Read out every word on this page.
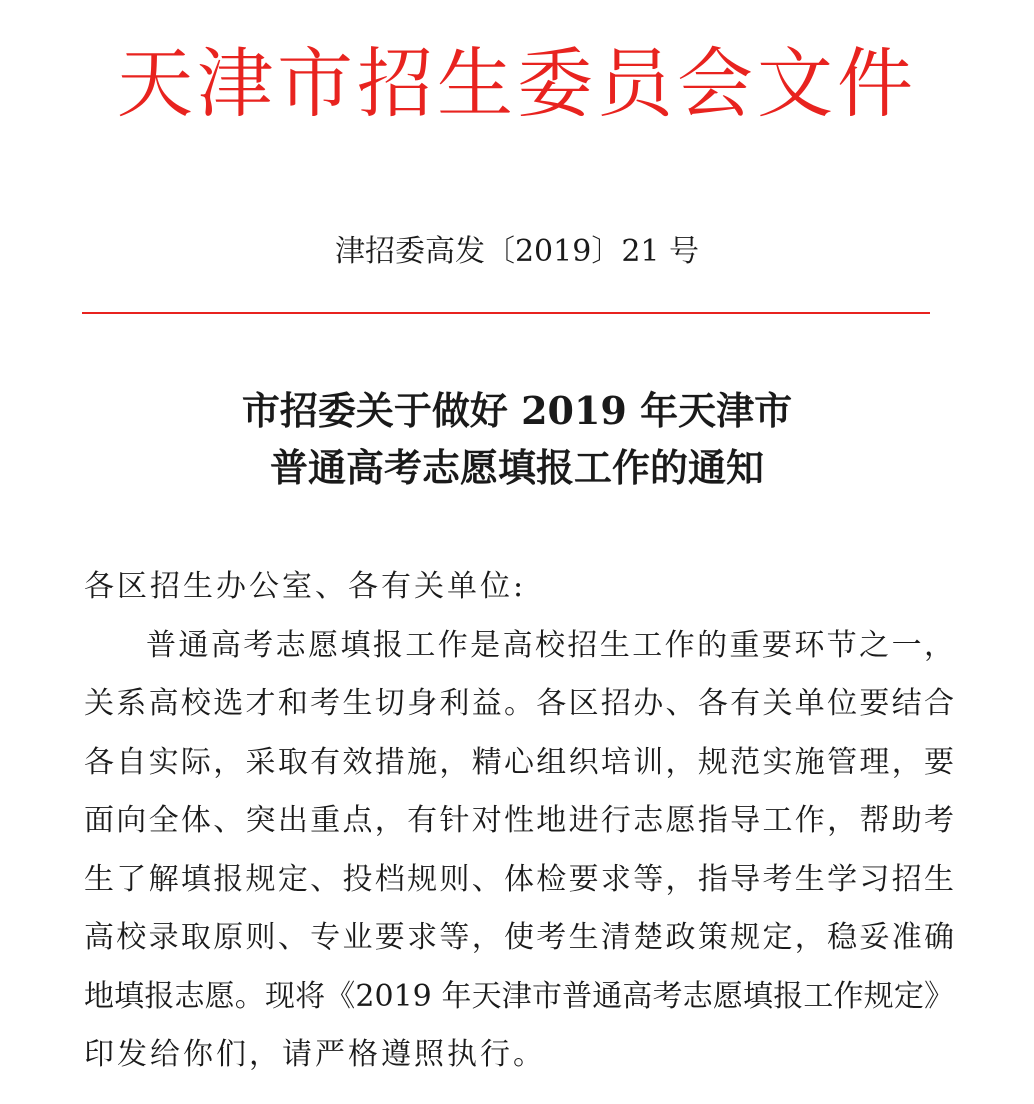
天津市招生委员会文件
津招委高发〔2019〕21 号
市招委关于做好 2019 年天津市
普通高考志愿填报工作的通知
各区招生办公室、各有关单位:
普通高考志愿填报工作是高校招生工作的重要环节之一，
关系高校选才和考生切身利益。各区招办、各有关单位要结合
各自实际，采取有效措施，精心组织培训，规范实施管理，要
面向全体、突出重点，有针对性地进行志愿指导工作，帮助考
生了解填报规定、投档规则、体检要求等，指导考生学习招生
高校录取原则、专业要求等，使考生清楚政策规定，稳妥准确
地填报志愿。现将《2019 年天津市普通高考志愿填报工作规定》
印发给你们，请严格遵照执行。
